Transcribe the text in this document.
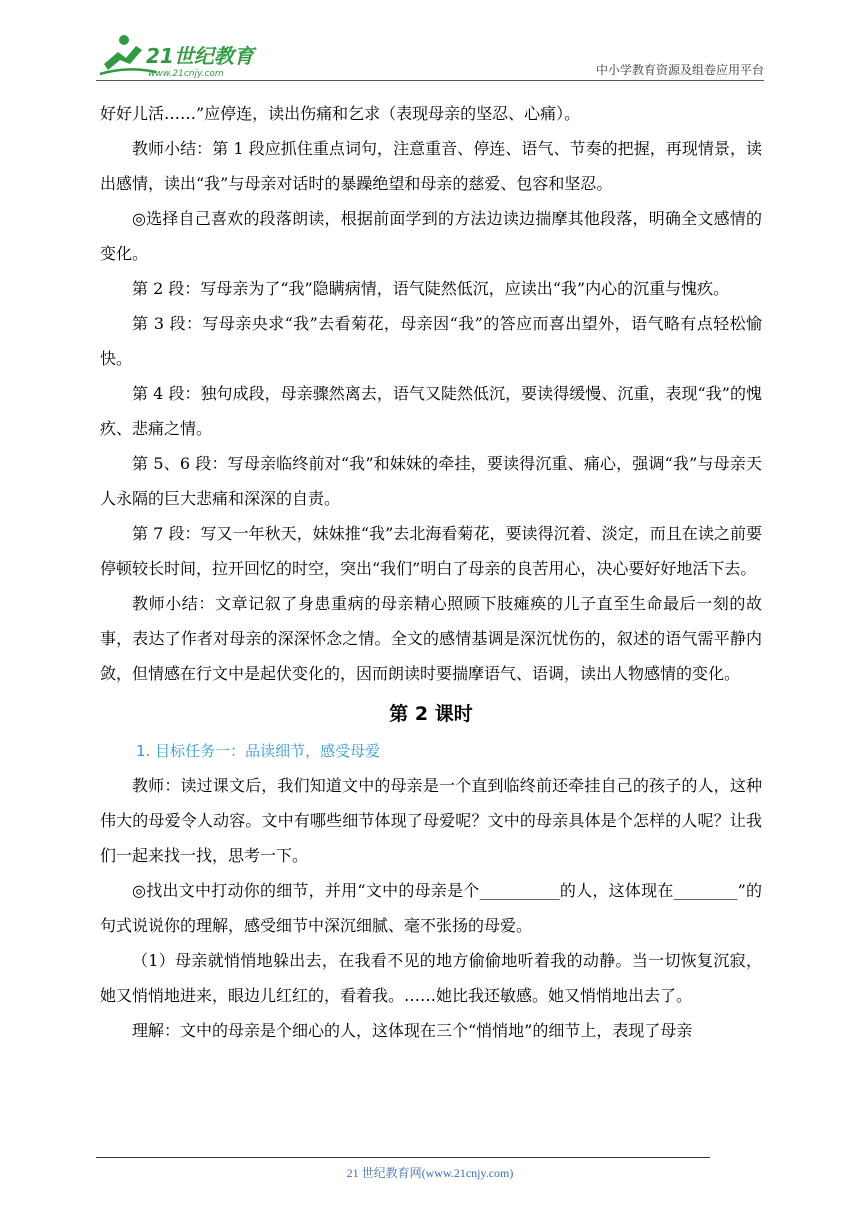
21世纪教育
www.21cnjy.com	中小学教育资源及组卷应用平台

好好儿活……”应停连，读出伤痛和乞求（表现母亲的坚忍、心痛）。

教师小结：第 1 段应抓住重点词句，注意重音、停连、语气、节奏的把握，再现情景，读出感情，读出“我”与母亲对话时的暴躁绝望和母亲的慈爱、包容和坚忍。

◎选择自己喜欢的段落朗读，根据前面学到的方法边读边揣摩其他段落，明确全文感情的变化。

第 2 段：写母亲为了“我”隐瞒病情，语气陡然低沉，应读出“我”内心的沉重与愧疚。

第 3 段：写母亲央求“我”去看菊花，母亲因“我”的答应而喜出望外，语气略有点轻松愉快。

第 4 段：独句成段，母亲骤然离去，语气又陡然低沉，要读得缓慢、沉重，表现“我”的愧疚、悲痛之情。

第 5、6 段：写母亲临终前对“我”和妹妹的牵挂，要读得沉重、痛心，强调“我”与母亲天人永隔的巨大悲痛和深深的自责。

第 7 段：写又一年秋天，妹妹推“我”去北海看菊花，要读得沉着、淡定，而且在读之前要停顿较长时间，拉开回忆的时空，突出“我们”明白了母亲的良苦用心，决心要好好地活下去。

教师小结：文章记叙了身患重病的母亲精心照顾下肢瘫痪的儿子直至生命最后一刻的故事，表达了作者对母亲的深深怀念之情。全文的感情基调是深沉忧伤的，叙述的语气需平静内敛，但情感在行文中是起伏变化的，因而朗读时要揣摩语气、语调，读出人物感情的变化。

第 2 课时
1. 目标任务一：品读细节，感受母爱

教师：读过课文后，我们知道文中的母亲是一个直到临终前还牵挂自己的孩子的人，这种伟大的母爱令人动容。文中有哪些细节体现了母爱呢？文中的母亲具体是个怎样的人呢？让我们一起来找一找，思考一下。

◎找出文中打动你的细节，并用“文中的母亲是个__________的人，这体现在________”的句式说说你的理解，感受细节中深沉细腻、毫不张扬的母爱。

（1）母亲就悄悄地躲出去，在我看不见的地方偷偷地听着我的动静。当一切恢复沉寂，她又悄悄地进来，眼边儿红红的，看着我。……她比我还敏感。她又悄悄地出去了。

理解：文中的母亲是个细心的人，这体现在三个“悄悄地”的细节上，表现了母亲

21 世纪教育网(www.21cnjy.com)
